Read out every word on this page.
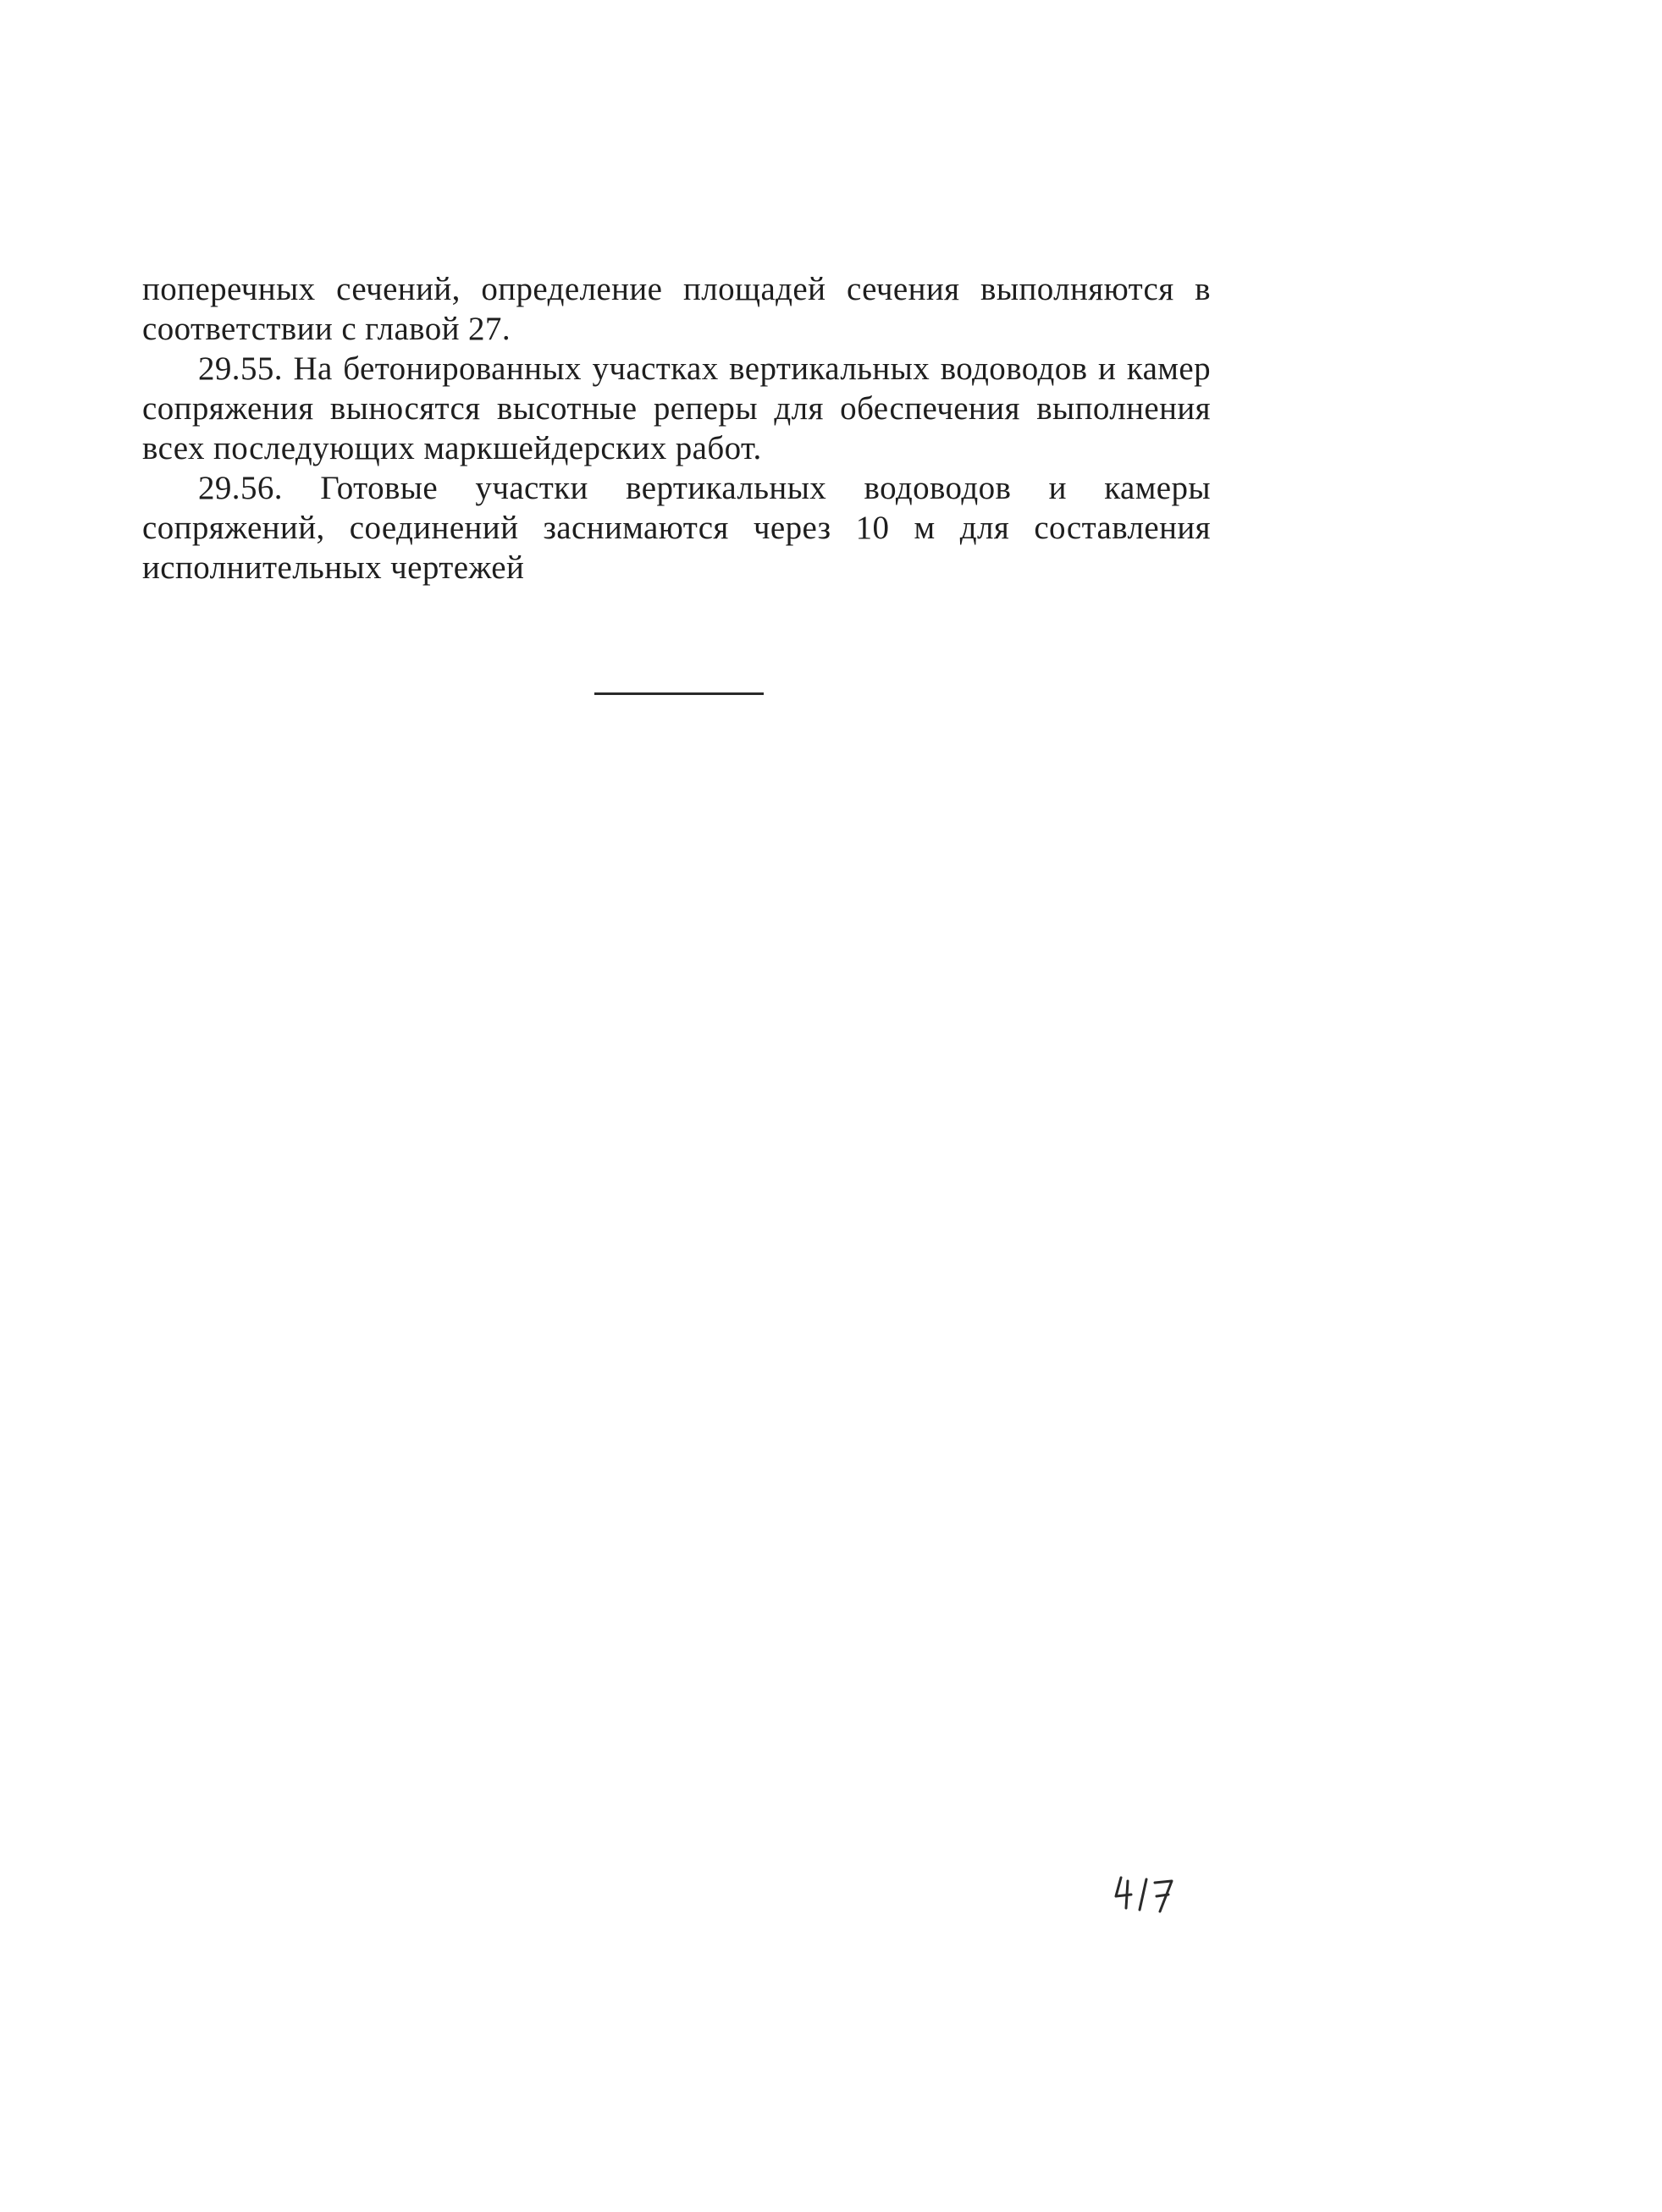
поперечных сечений, определение площадей сечения выполняются в соответствии с главой 27.

29.55. На бетонированных участках вертикальных водоводов и камер сопряжения выносятся высотные реперы для обеспечения выполнения всех последующих маркшейдерских работ.

29.56. Готовые участки вертикальных водоводов и камеры сопряжений, соединений заснимаются через 10 м для составления исполнительных чертежей
